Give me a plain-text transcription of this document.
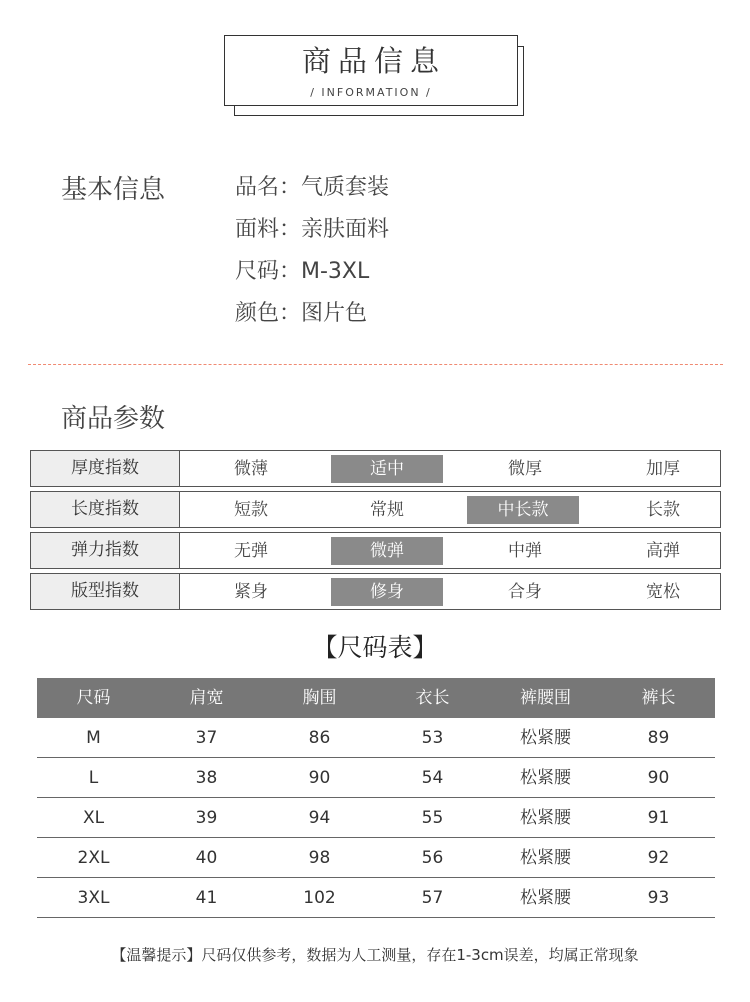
商品信息
/ INFORMATION /
基本信息	品名：气质套装
面料：亲肤面料
尺码：M-3XL
颜色：图片色
商品参数
厚度指数	微薄	适中	微厚	加厚
长度指数	短款	常规	中长款	长款
弹力指数	无弹	微弹	中弹	高弹
版型指数	紧身	修身	合身	宽松
【尺码表】
尺码	肩宽	胸围	衣长	裤腰围	裤长
M	37	86	53	松紧腰	89
L	38	90	54	松紧腰	90
XL	39	94	55	松紧腰	91
2XL	40	98	56	松紧腰	92
3XL	41	102	57	松紧腰	93
【温馨提示】尺码仅供参考，数据为人工测量，存在1-3cm误差，均属正常现象
